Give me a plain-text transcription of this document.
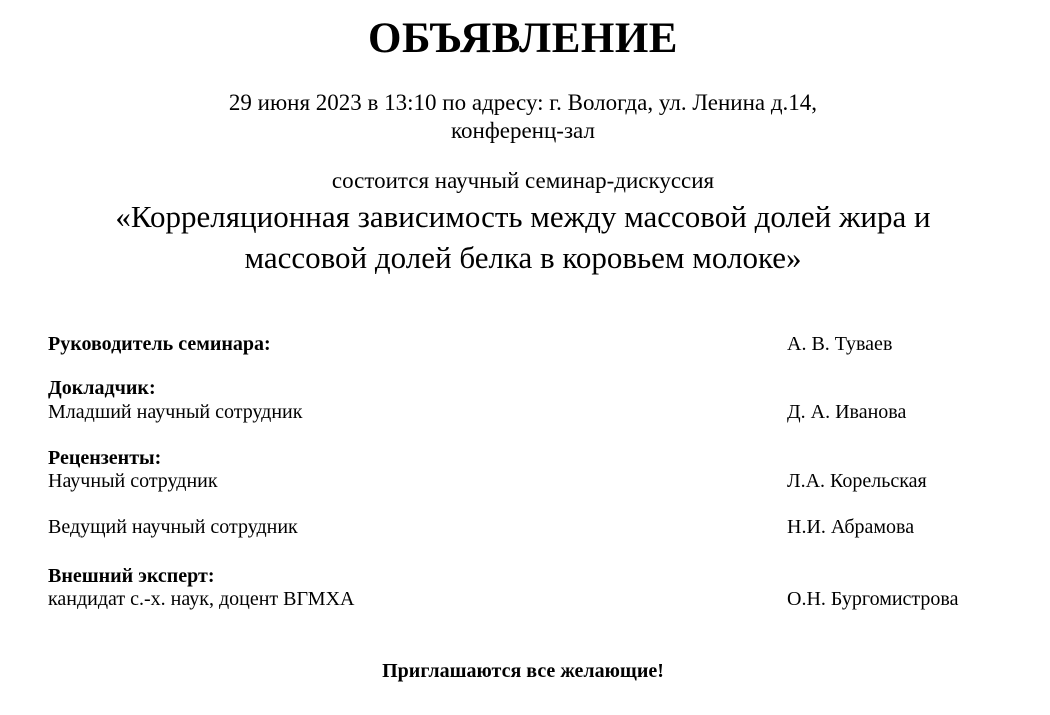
ОБЪЯВЛЕНИЕ
29 июня 2023 в 13:10 по адресу: г. Вологда, ул. Ленина д.14,
конференц-зал
состоится научный семинар-дискуссия
«Корреляционная зависимость между массовой долей жира и
массовой долей белка в коровьем молоке»
Руководитель семинара:	А. В. Туваев
Докладчик:
Младший научный сотрудник	Д. А. Иванова
Рецензенты:
Научный сотрудник	Л.А. Корельская
Ведущий научный сотрудник	Н.И. Абрамова
Внешний эксперт:
кандидат с.-х. наук, доцент ВГМХА	О.Н. Бургомистрова
Приглашаются все желающие!
